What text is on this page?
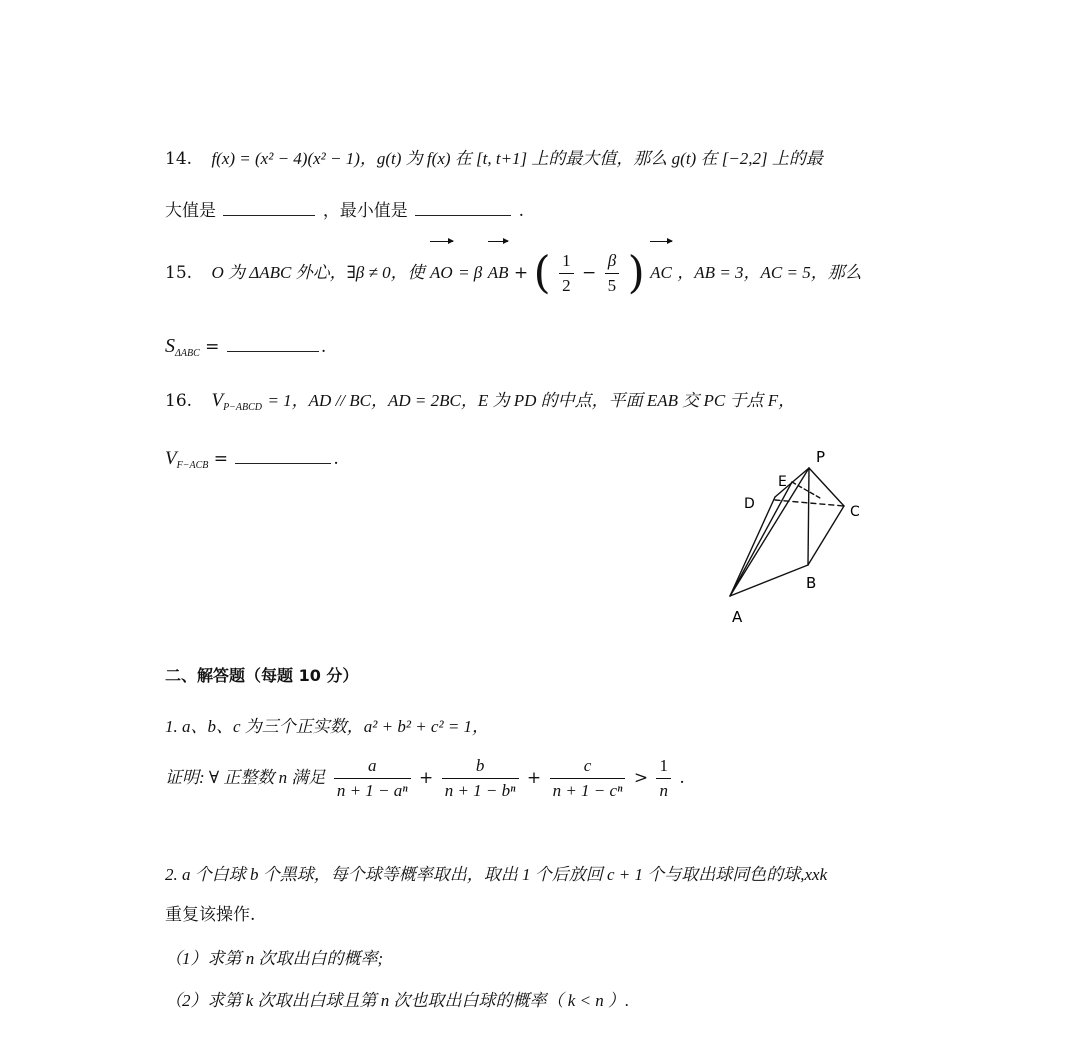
14. f(x) = (x² − 4)(x² − 1)，g(t) 为 f(x) 在 [t, t+1] 上的最大值，那么 g(t) 在 [−2,2] 上的最
大值是	，最小值是	.
15. O 为 ΔABC 外心，∃β ≠ 0，使 AO = β AB + ( $\frac{1}{2} - \frac{\beta}{5}$ ) AC ，AB = 3，AC = 5，那么
$S_{\Delta ABC}$ =	.
16. $V_{P-ABCD} = 1$，AD // BC，AD = 2BC，E 为 PD 的中点，平面 EAB 交 PC 于点 F，
$V_{F-ACB}$ =	.	P
E
D	C
B
A
二、解答题（每题 10 分）
1. a、b、c 为三个正实数，a² + b² + c² = 1，
证明: ∀ 正整数 n 满足 $\frac{a}{\text{n + 1 − aⁿ}} + \frac{b}{\text{n + 1 − bⁿ}} + \frac{c}{\text{n + 1 − cⁿ}} > \frac{1}{n}$ .
2. a 个白球 b 个黑球，每个球等概率取出，取出 1 个后放回 c + 1 个与取出球同色的球,xxk
重复该操作.
（1）求第 n 次取出白的概率;
（2）求第 k 次取出白球且第 n 次也取出白球的概率（ k < n ）.
